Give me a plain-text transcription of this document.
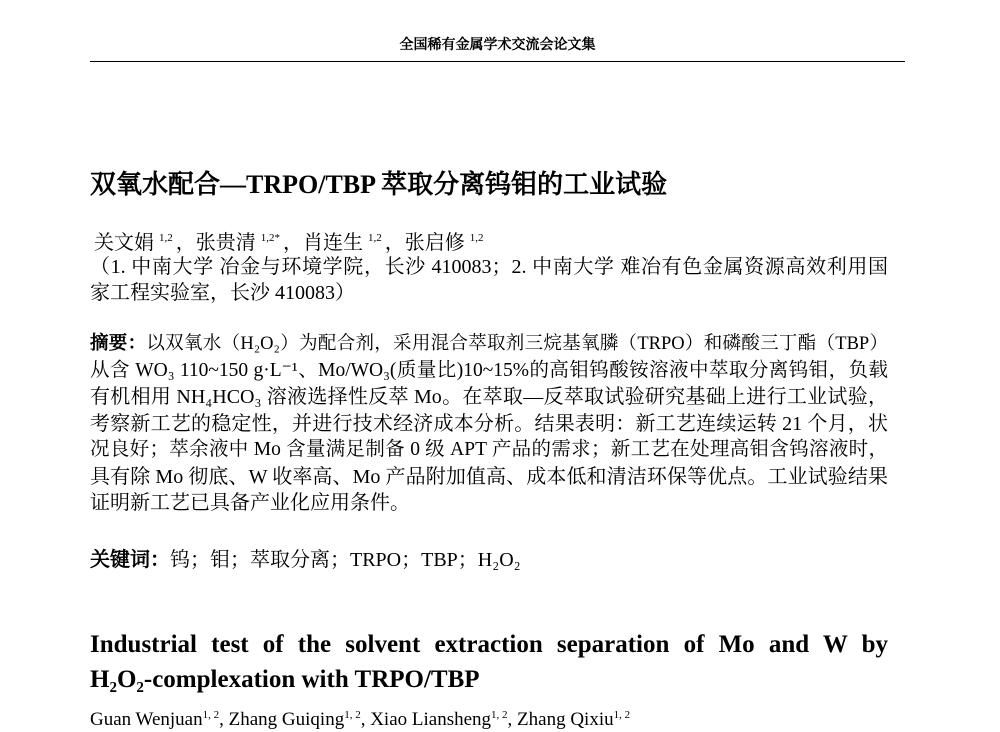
全国稀有金属学术交流会论文集
双氧水配合—TRPO/TBP 萃取分离钨钼的工业试验
关文娟 $^{1,2}$ ，张贵清 $^{1,2*}$ ，肖连生 $^{1,2}$ ，张启修 $^{1,2}$
（1. 中南大学 冶金与环境学院，长沙 410083；2. 中南大学 难冶有色金属资源高效利用国
家工程实验室，长沙 410083）
摘要：以双氧水（H₂O₂）为配合剂，采用混合萃取剂三烷基氧膦（TRPO）和磷酸三丁酯（TBP）
从含 WO₃ 110~150 g·L⁻¹、Mo/WO₃(质量比)10~15%的高钼钨酸铵溶液中萃取分离钨钼，负载
有机相用 NH₄HCO₃ 溶液选择性反萃 Mo。在萃取—反萃取试验研究基础上进行工业试验，
考察新工艺的稳定性，并进行技术经济成本分析。结果表明：新工艺连续运转 21 个月，状
况良好；萃余液中 Mo 含量满足制备 0 级 APT 产品的需求；新工艺在处理高钼含钨溶液时，
具有除 Mo 彻底、W 收率高、Mo 产品附加值高、成本低和清洁环保等优点。工业试验结果
证明新工艺已具备产业化应用条件。
关键词：钨；钼；萃取分离；TRPO；TBP；H₂O₂
Industrial test of the solvent extraction separation of Mo and W by
H₂O₂-complexation with TRPO/TBP
Guan Wenjuan$^{1, 2}$, Zhang Guiqing$^{1, 2}$, Xiao Liansheng$^{1, 2}$, Zhang Qixiu$^{1, 2}$
